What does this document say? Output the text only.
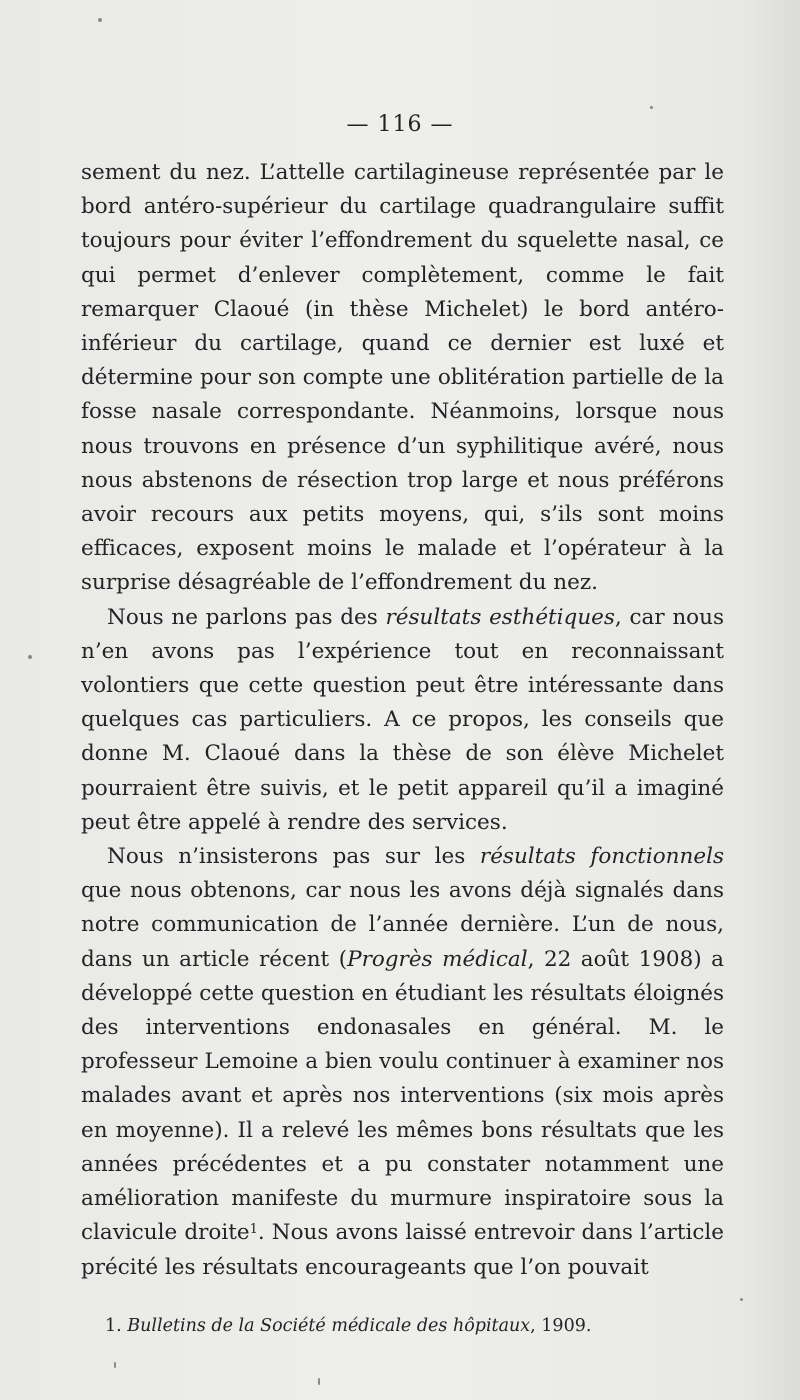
— 116 —

sement du nez. L’attelle cartilagineuse représentée par le bord antéro-supérieur du cartilage quadrangulaire suffit toujours pour éviter l’effondrement du squelette nasal, ce qui permet d’enlever complètement, comme le fait remarquer Claoué (in thèse Michelet) le bord antéro-inférieur du cartilage, quand ce dernier est luxé et détermine pour son compte une oblitération partielle de la fosse nasale correspondante. Néanmoins, lorsque nous nous trouvons en présence d’un syphilitique avéré, nous nous abstenons de résection trop large et nous préférons avoir recours aux petits moyens, qui, s’ils sont moins efficaces, exposent moins le malade et l’opérateur à la surprise désagréable de l’effondrement du nez.

Nous ne parlons pas des résultats esthétiques, car nous n’en avons pas l’expérience tout en reconnaissant volontiers que cette question peut être intéressante dans quelques cas particuliers. A ce propos, les conseils que donne M. Claoué dans la thèse de son élève Michelet pourraient être suivis, et le petit appareil qu’il a imaginé peut être appelé à rendre des services.

Nous n’insisterons pas sur les résultats fonctionnels que nous obtenons, car nous les avons déjà signalés dans notre communication de l’année dernière. L’un de nous, dans un article récent (Progrès médical, 22 août 1908) a développé cette question en étudiant les résultats éloignés des interventions endonasales en général. M. le professeur Lemoine a bien voulu continuer à examiner nos malades avant et après nos interventions (six mois après en moyenne). Il a relevé les mêmes bons résultats que les années précédentes et a pu constater notamment une amélioration manifeste du murmure inspiratoire sous la clavicule droite$^1$. Nous avons laissé entrevoir dans l’article précité les résultats encourageants que l’on pouvait

1. Bulletins de la Société médicale des hôpitaux, 1909.
